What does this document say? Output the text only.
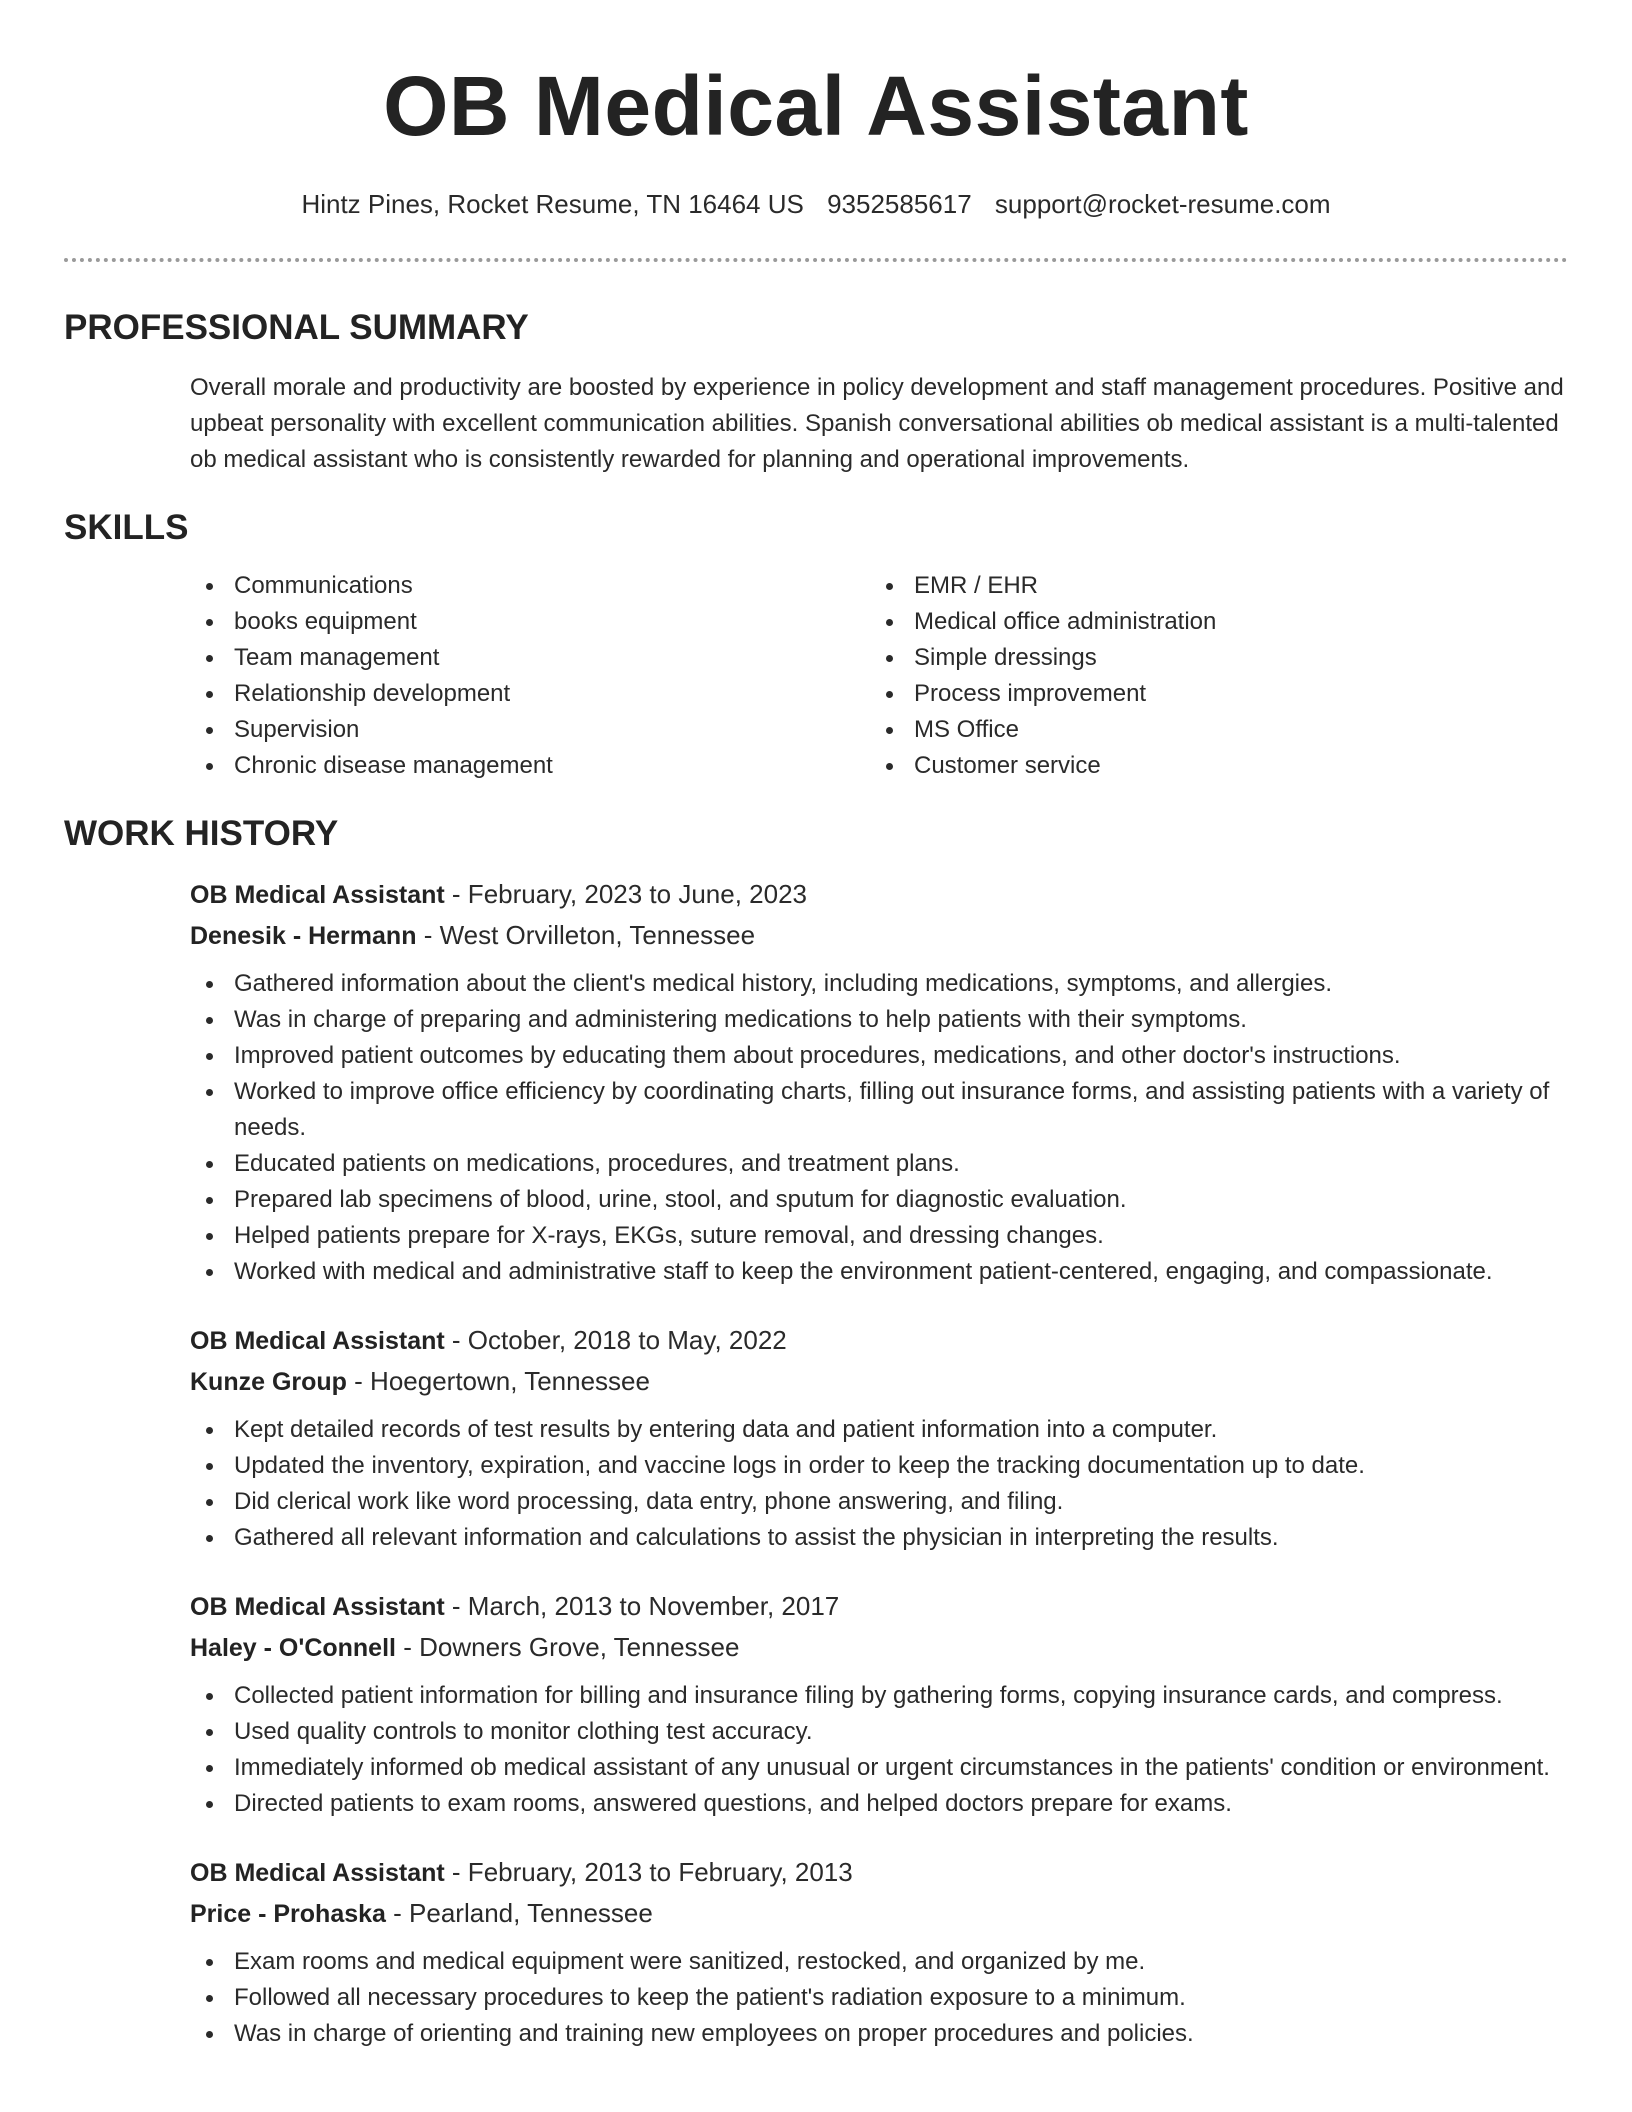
OB Medical Assistant
Hintz Pines, Rocket Resume, TN 16464 US 9352585617 support@rocket-resume.com
PROFESSIONAL SUMMARY

Overall morale and productivity are boosted by experience in policy development and staff management procedures. Positive and upbeat personality with excellent communication abilities. Spanish conversational abilities ob medical assistant is a multi-talented ob medical assistant who is consistently rewarded for planning and operational improvements.

SKILLS
Communications
books equipment
Team management
Relationship development
Supervision
Chronic disease management
EMR / EHR
Medical office administration
Simple dressings
Process improvement
MS Office
Customer service
WORK HISTORY
OB Medical Assistant - February, 2023 to June, 2023
Denesik - Hermann - West Orvilleton, Tennessee
Gathered information about the client's medical history, including medications, symptoms, and allergies.
Was in charge of preparing and administering medications to help patients with their symptoms.
Improved patient outcomes by educating them about procedures, medications, and other doctor's instructions.
Worked to improve office efficiency by coordinating charts, filling out insurance forms, and assisting patients with a variety of needs.
Educated patients on medications, procedures, and treatment plans.
Prepared lab specimens of blood, urine, stool, and sputum for diagnostic evaluation.
Helped patients prepare for X-rays, EKGs, suture removal, and dressing changes.
Worked with medical and administrative staff to keep the environment patient-centered, engaging, and compassionate.
OB Medical Assistant - October, 2018 to May, 2022
Kunze Group - Hoegertown, Tennessee
Kept detailed records of test results by entering data and patient information into a computer.
Updated the inventory, expiration, and vaccine logs in order to keep the tracking documentation up to date.
Did clerical work like word processing, data entry, phone answering, and filing.
Gathered all relevant information and calculations to assist the physician in interpreting the results.
OB Medical Assistant - March, 2013 to November, 2017
Haley - O'Connell - Downers Grove, Tennessee
Collected patient information for billing and insurance filing by gathering forms, copying insurance cards, and compress.
Used quality controls to monitor clothing test accuracy.
Immediately informed ob medical assistant of any unusual or urgent circumstances in the patients' condition or environment.
Directed patients to exam rooms, answered questions, and helped doctors prepare for exams.
OB Medical Assistant - February, 2013 to February, 2013
Price - Prohaska - Pearland, Tennessee
Exam rooms and medical equipment were sanitized, restocked, and organized by me.
Followed all necessary procedures to keep the patient's radiation exposure to a minimum.
Was in charge of orienting and training new employees on proper procedures and policies.
